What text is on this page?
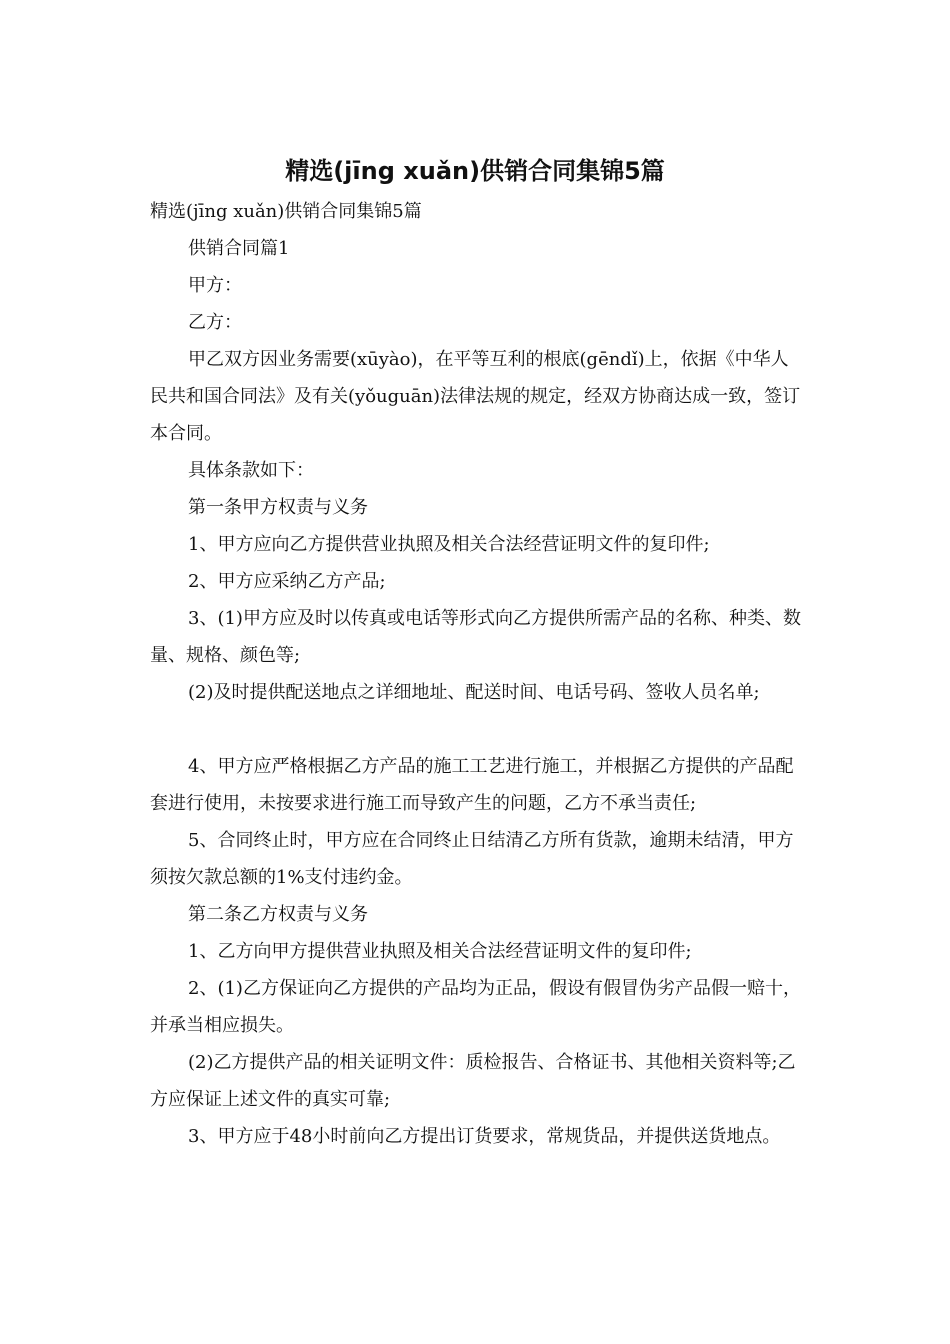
精选(jīng xuǎn)供销合同集锦5篇

精选(jīng xuǎn)供销合同集锦5篇

供销合同篇1

甲方：

乙方：

甲乙双方因业务需要(xūyào)，在平等互利的根底(gēndǐ)上，依据《中华人民共和国合同法》及有关(yǒuguān)法律法规的规定，经双方协商达成一致，签订本合同。

具体条款如下：

第一条甲方权责与义务

1、甲方应向乙方提供营业执照及相关合法经营证明文件的复印件;

2、甲方应采纳乙方产品;

3、(1)甲方应及时以传真或电话等形式向乙方提供所需产品的名称、种类、数量、规格、颜色等;

(2)及时提供配送地点之详细地址、配送时间、电话号码、签收人员名单;

4、甲方应严格根据乙方产品的施工工艺进行施工，并根据乙方提供的产品配套进行使用，未按要求进行施工而导致产生的问题，乙方不承当责任;

5、合同终止时，甲方应在合同终止日结清乙方所有货款，逾期未结清，甲方须按欠款总额的1%支付违约金。

第二条乙方权责与义务

1、乙方向甲方提供营业执照及相关合法经营证明文件的复印件;

2、(1)乙方保证向乙方提供的产品均为正品，假设有假冒伪劣产品假一赔十，并承当相应损失。

(2)乙方提供产品的相关证明文件：质检报告、合格证书、其他相关资料等;乙方应保证上述文件的真实可靠;

3、甲方应于48小时前向乙方提出订货要求，常规货品，并提供送货地点。
